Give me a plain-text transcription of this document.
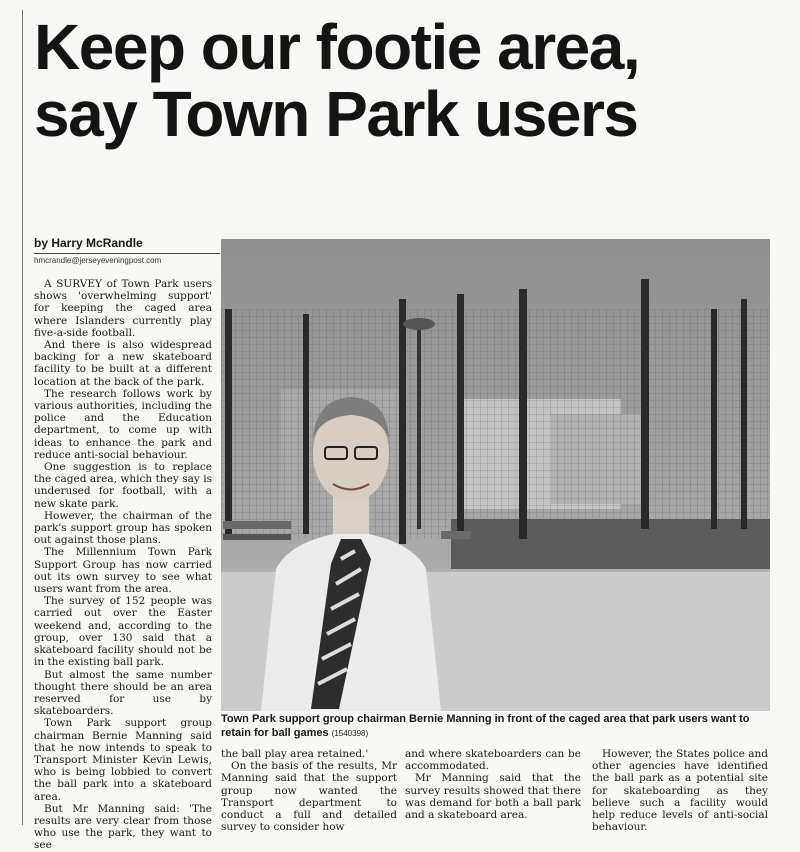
Keep our footie area,
say Town Park users
by Harry McRandle
hmcrandle@jerseyeveningpost.com

A SURVEY of Town Park users shows 'overwhelming support' for keeping the caged area where Islanders currently play five-a-side football.

And there is also widespread backing for a new skateboard facility to be built at a different location at the back of the park.

The research follows work by various authorities, including the police and the Education department, to come up with ideas to enhance the park and reduce anti-social behaviour.

One suggestion is to replace the caged area, which they say is underused for football, with a new skate park.

However, the chairman of the park's support group has spoken out against those plans.

The Millennium Town Park Support Group has now carried out its own survey to see what users want from the area.

The survey of 152 people was carried out over the Easter weekend and, according to the group, over 130 said that a skateboard facility should not be in the existing ball park.

But almost the same number thought there should be an area reserved for use by skateboarders.

Town Park support group chairman Bernie Manning said that he now intends to speak to Transport Minister Kevin Lewis, who is being lobbied to convert the ball park into a skateboard area.

But Mr Manning said: 'The results are very clear from those who use the park, they want to see

Town Park support group chairman Bernie Manning in front of the caged area that park users want to retain for ball games (1540398)

the ball play area retained.'

On the basis of the results, Mr Manning said that the support group now wanted the Transport department to conduct a full and detailed survey to consider how

and where skateboarders can be accommodated.

Mr Manning said that the survey results showed that there was demand for both a ball park and a skateboard area.

However, the States police and other agencies have identified the ball park as a potential site for skateboarding as they believe such a facility would help reduce levels of anti-social behaviour.
